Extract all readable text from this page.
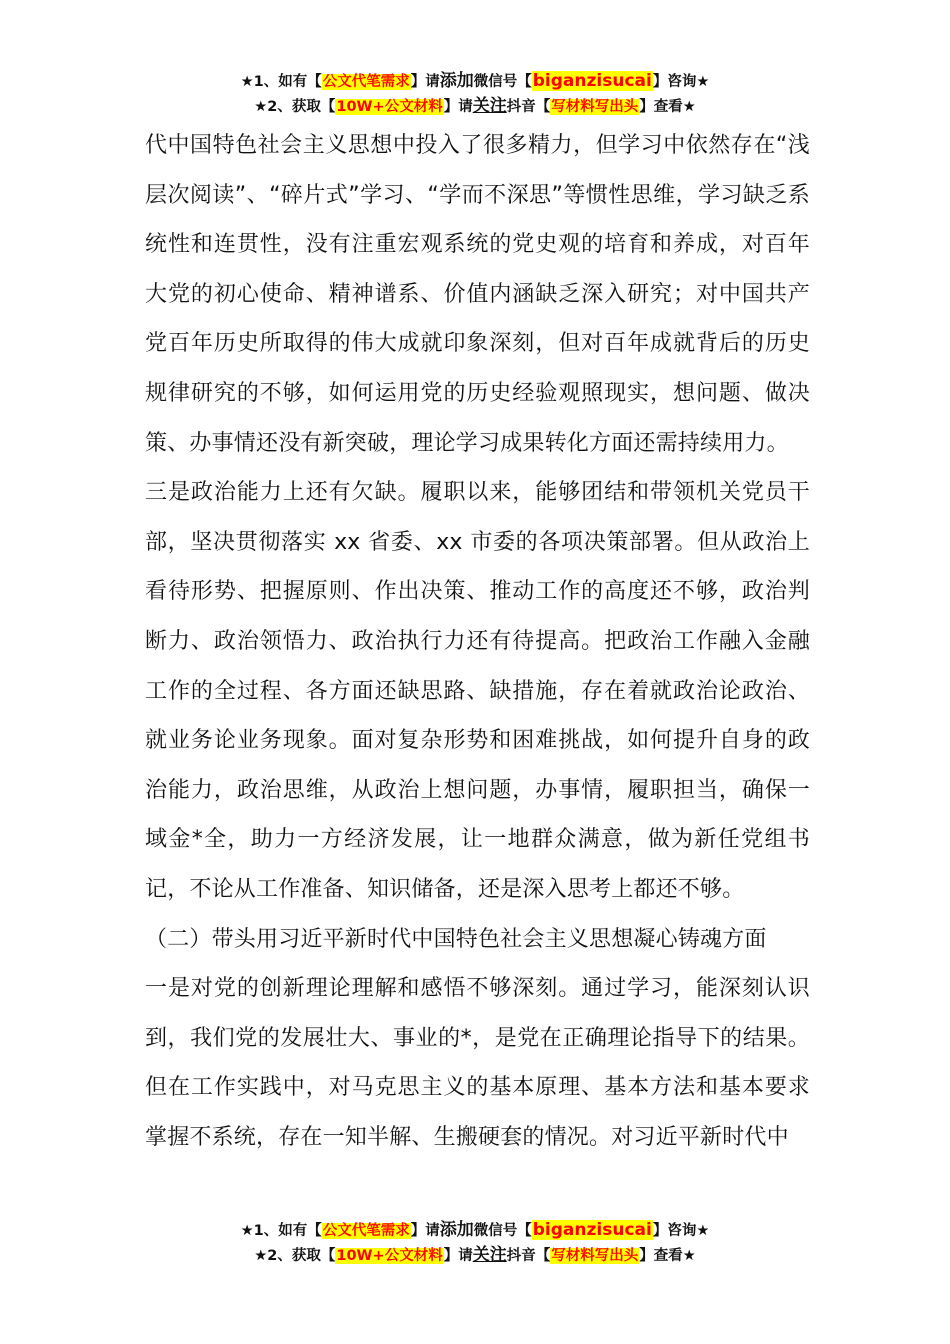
★1、如有【公文代笔需求】请添加微信号【biganzisucai】咨询★
★2、获取【10W+公文材料】请关注抖音【写材料写出头】查看★

代中国特色社会主义思想中投入了很多精力，但学习中依然存在“浅层次阅读”、“碎片式”学习、“学而不深思”等惯性思维，学习缺乏系统性和连贯性，没有注重宏观系统的党史观的培育和养成，对百年大党的初心使命、精神谱系、价值内涵缺乏深入研究；对中国共产党百年历史所取得的伟大成就印象深刻，但对百年成就背后的历史规律研究的不够，如何运用党的历史经验观照现实，想问题、做决策、办事情还没有新突破，理论学习成果转化方面还需持续用力。

三是政治能力上还有欠缺。履职以来，能够团结和带领机关党员干部，坚决贯彻落实 xx 省委、xx 市委的各项决策部署。但从政治上看待形势、把握原则、作出决策、推动工作的高度还不够，政治判断力、政治领悟力、政治执行力还有待提高。把政治工作融入金融工作的全过程、各方面还缺思路、缺措施，存在着就政治论政治、就业务论业务现象。面对复杂形势和困难挑战，如何提升自身的政治能力，政治思维，从政治上想问题，办事情，履职担当，确保一域金*全，助力一方经济发展，让一地群众满意，做为新任党组书记，不论从工作准备、知识储备，还是深入思考上都还不够。

（二）带头用习近平新时代中国特色社会主义思想凝心铸魂方面

一是对党的创新理论理解和感悟不够深刻。通过学习，能深刻认识到，我们党的发展壮大、事业的*，是党在正确理论指导下的结果。但在工作实践中，对马克思主义的基本原理、基本方法和基本要求掌握不系统，存在一知半解、生搬硬套的情况。对习近平新时代中

★1、如有【公文代笔需求】请添加微信号【biganzisucai】咨询★
★2、获取【10W+公文材料】请关注抖音【写材料写出头】查看★
